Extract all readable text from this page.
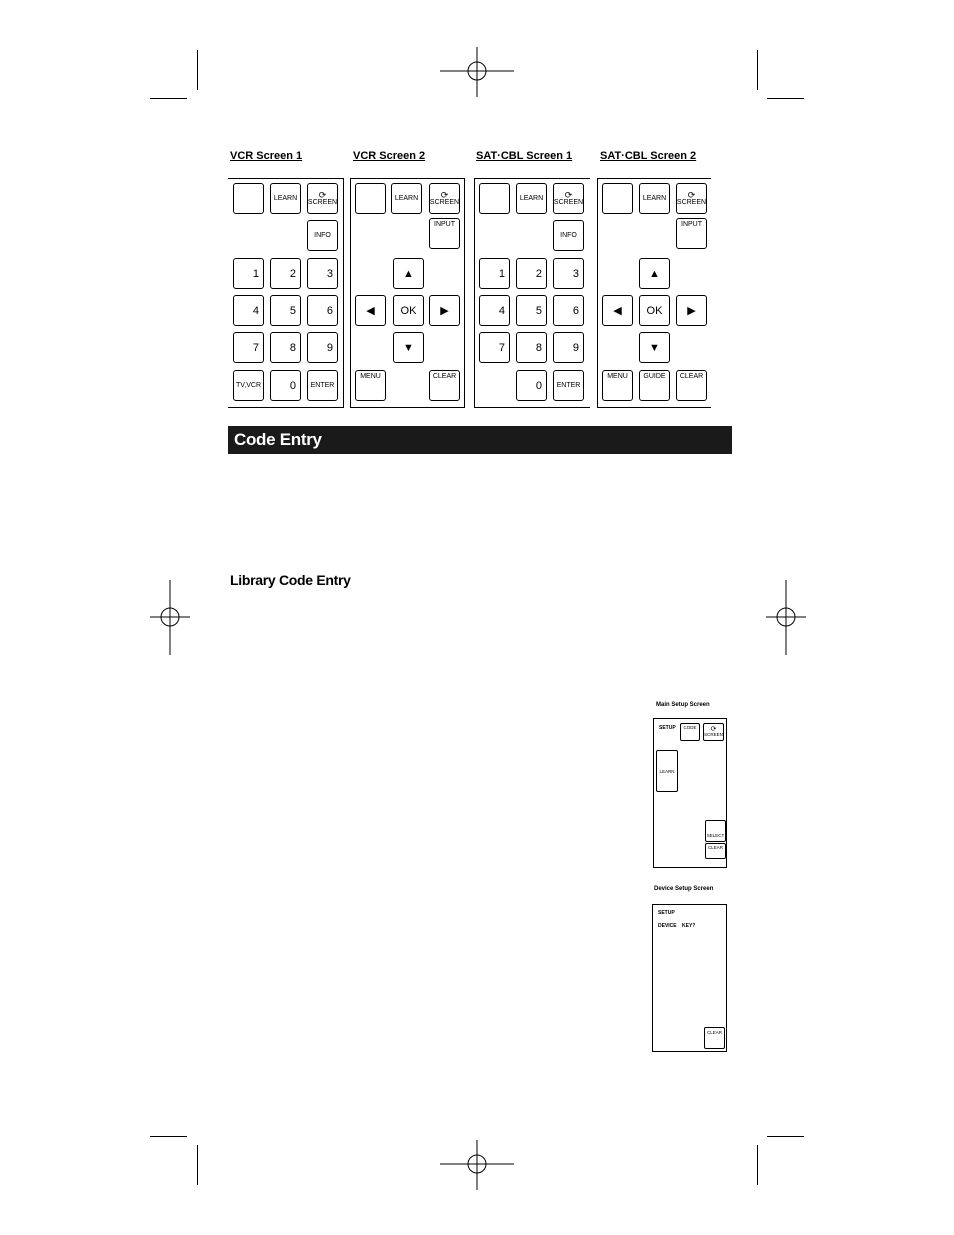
VCR Screen 1	VCR Screen 2	SAT·CBL Screen 1	SAT·CBL Screen 2
LEARN ⟳
SCREEN
INFO
1	2	3
4	5	6
7	8	9
TV,VCR	0	ENTER
LEARN	⟳
SCREEN
INPUT
▲
◀ OK ▶
▼
MENU	CLEAR
LEARN ⟳
SCREEN
INFO
1	2	3
4	5	6
7	8	9
0	ENTER
LEARN ⟳
SCREEN
INPUT
▲
◀ OK ▶
▼
MENU GUIDE CLEAR
Code Entry
Library Code Entry
Main Setup Screen
SETUP CODE ⟳
SCREEN
LEARN
SELECT
CLEAR
Device Setup Screen
SETUP
DEVICE KEY?
CLEAR
